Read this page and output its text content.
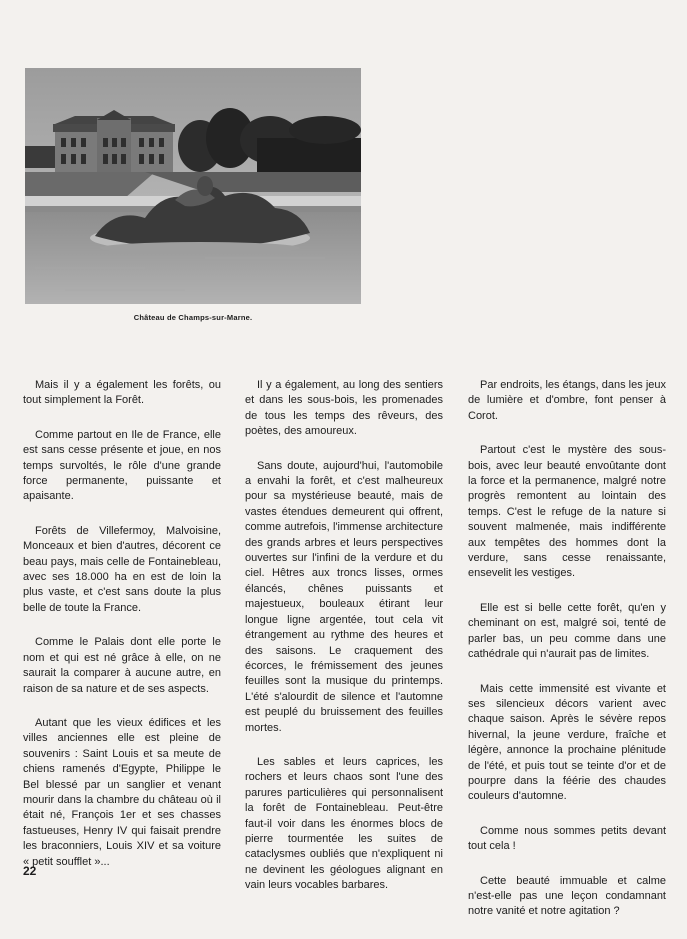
Château de Champs-sur-Marne.

Mais il y a également les forêts, ou tout simplement la Forêt.

Comme partout en Ile de France, elle est sans cesse présente et joue, en nos temps survoltés, le rôle d'une grande force permanente, puissante et apaisante.

Forêts de Villefermoy, Malvoisine, Monceaux et bien d'autres, décorent ce beau pays, mais celle de Fontainebleau, avec ses 18.000 ha en est de loin la plus vaste, et c'est sans doute la plus belle de toute la France.

Comme le Palais dont elle porte le nom et qui est né grâce à elle, on ne saurait la comparer à aucune autre, en raison de sa nature et de ses aspects.

Autant que les vieux édifices et les villes anciennes elle est pleine de souvenirs : Saint Louis et sa meute de chiens ramenés d'Egypte, Philippe le Bel blessé par un sanglier et venant mourir dans la chambre du château où il était né, François 1er et ses chasses fastueuses, Henry IV qui faisait prendre les braconniers, Louis XIV et sa voiture « petit soufflet »...

Il y a également, au long des sentiers et dans les sous-bois, les promenades de tous les temps des rêveurs, des poètes, des amoureux.

Sans doute, aujourd'hui, l'automobile a envahi la forêt, et c'est malheureux pour sa mystérieuse beauté, mais de vastes étendues demeurent qui offrent, comme autrefois, l'immense architecture des grands arbres et leurs perspectives ouvertes sur l'infini de la verdure et du ciel. Hêtres aux troncs lisses, ormes élancés, chênes puissants et majestueux, bouleaux étirant leur longue ligne argentée, tout cela vit étrangement au rythme des heures et des saisons. Le craquement des écorces, le frémissement des jeunes feuilles sont la musique du printemps. L'été s'alourdit de silence et l'automne est peuplé du bruissement des feuilles mortes.

Les sables et leurs caprices, les rochers et leurs chaos sont l'une des parures particulières qui personnalisent la forêt de Fontainebleau. Peut-être faut-il voir dans les énormes blocs de pierre tourmentée les suites de cataclysmes oubliés que n'expliquent ni ne devinent les géologues alignant en vain leurs vocables barbares.

Par endroits, les étangs, dans les jeux de lumière et d'ombre, font penser à Corot.

Partout c'est le mystère des sous-bois, avec leur beauté envoûtante dont la force et la permanence, malgré notre progrès remontent au lointain des temps. C'est le refuge de la nature si souvent malmenée, mais indifférente aux tempêtes des hommes dont la verdure, sans cesse renaissante, ensevelit les vestiges.

Elle est si belle cette forêt, qu'en y cheminant on est, malgré soi, tenté de parler bas, un peu comme dans une cathédrale qui n'aurait pas de limites.

Mais cette immensité est vivante et ses silencieux décors varient avec chaque saison. Après le sévère repos hivernal, la jeune verdure, fraîche et légère, annonce la prochaine plénitude de l'été, et puis tout se teinte d'or et de pourpre dans la féérie des chaudes couleurs d'automne.

Comme nous sommes petits devant tout cela !

Cette beauté immuable et calme n'est-elle pas une leçon condamnant notre vanité et notre agitation ?

22
